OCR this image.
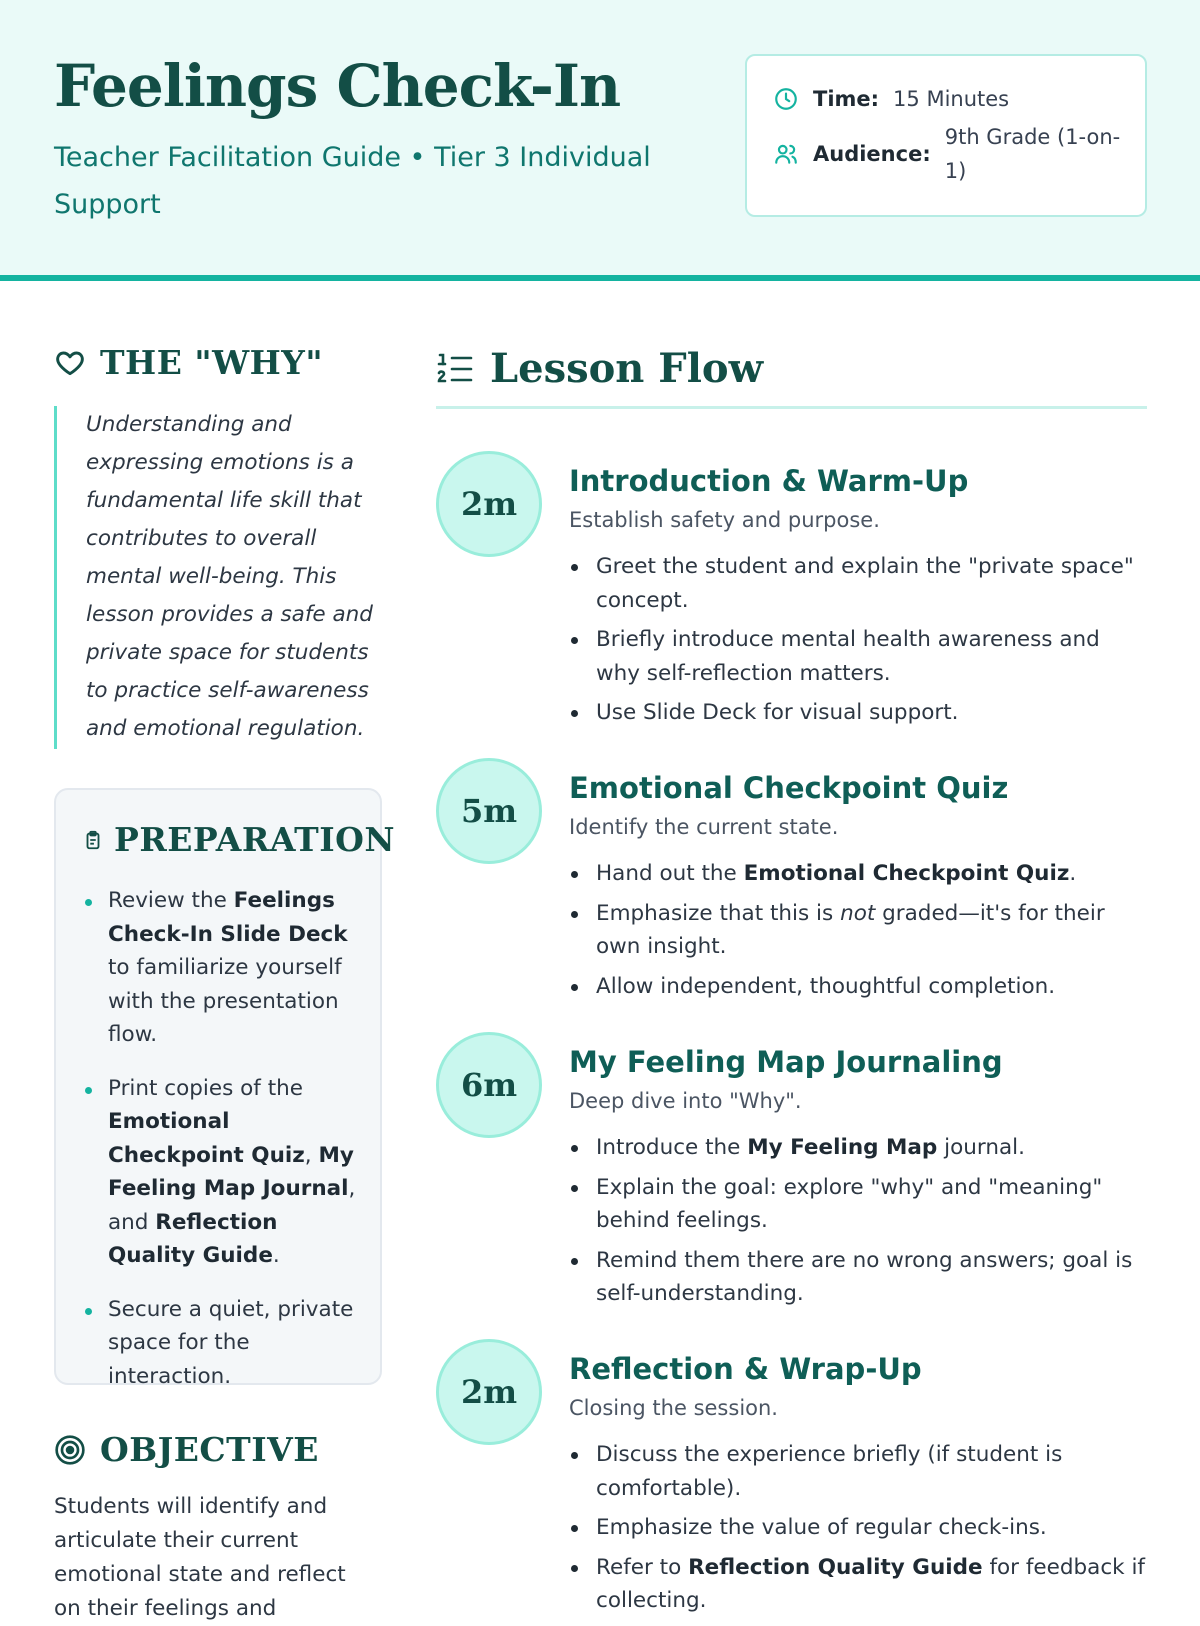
Feelings Check-In
Teacher Facilitation Guide • Tier 3 Individual Support
Time: 15 Minutes
Audience:
9th Grade (1-on-1)
THE "WHY"
Understanding and expressing emotions is a fundamental life skill that contributes to overall mental well-being. This lesson provides a safe and private space for students to practice self-awareness and emotional regulation.
PREPARATION
Review the Feelings Check-In Slide Deck to familiarize yourself with the presentation flow.
Print copies of the Emotional Checkpoint Quiz, My Feeling Map Journal, and Reflection Quality Guide.
Secure a quiet, private space for the interaction.
OBJECTIVE
Students will identify and articulate their current emotional state and reflect on their feelings and
Lesson Flow
2m
Introduction & Warm-Up
Establish safety and purpose.
Greet the student and explain the "private space" concept.
Briefly introduce mental health awareness and why self-reflection matters.
Use Slide Deck for visual support.
5m
Emotional Checkpoint Quiz
Identify the current state.
Hand out the Emotional Checkpoint Quiz.
Emphasize that this is not graded—it's for their own insight.
Allow independent, thoughtful completion.
6m
My Feeling Map Journaling
Deep dive into "Why".
Introduce the My Feeling Map journal.
Explain the goal: explore "why" and "meaning" behind feelings.
Remind them there are no wrong answers; goal is self-understanding.
2m
Reflection & Wrap-Up
Closing the session.
Discuss the experience briefly (if student is comfortable).
Emphasize the value of regular check-ins.
Refer to Reflection Quality Guide for feedback if collecting.
